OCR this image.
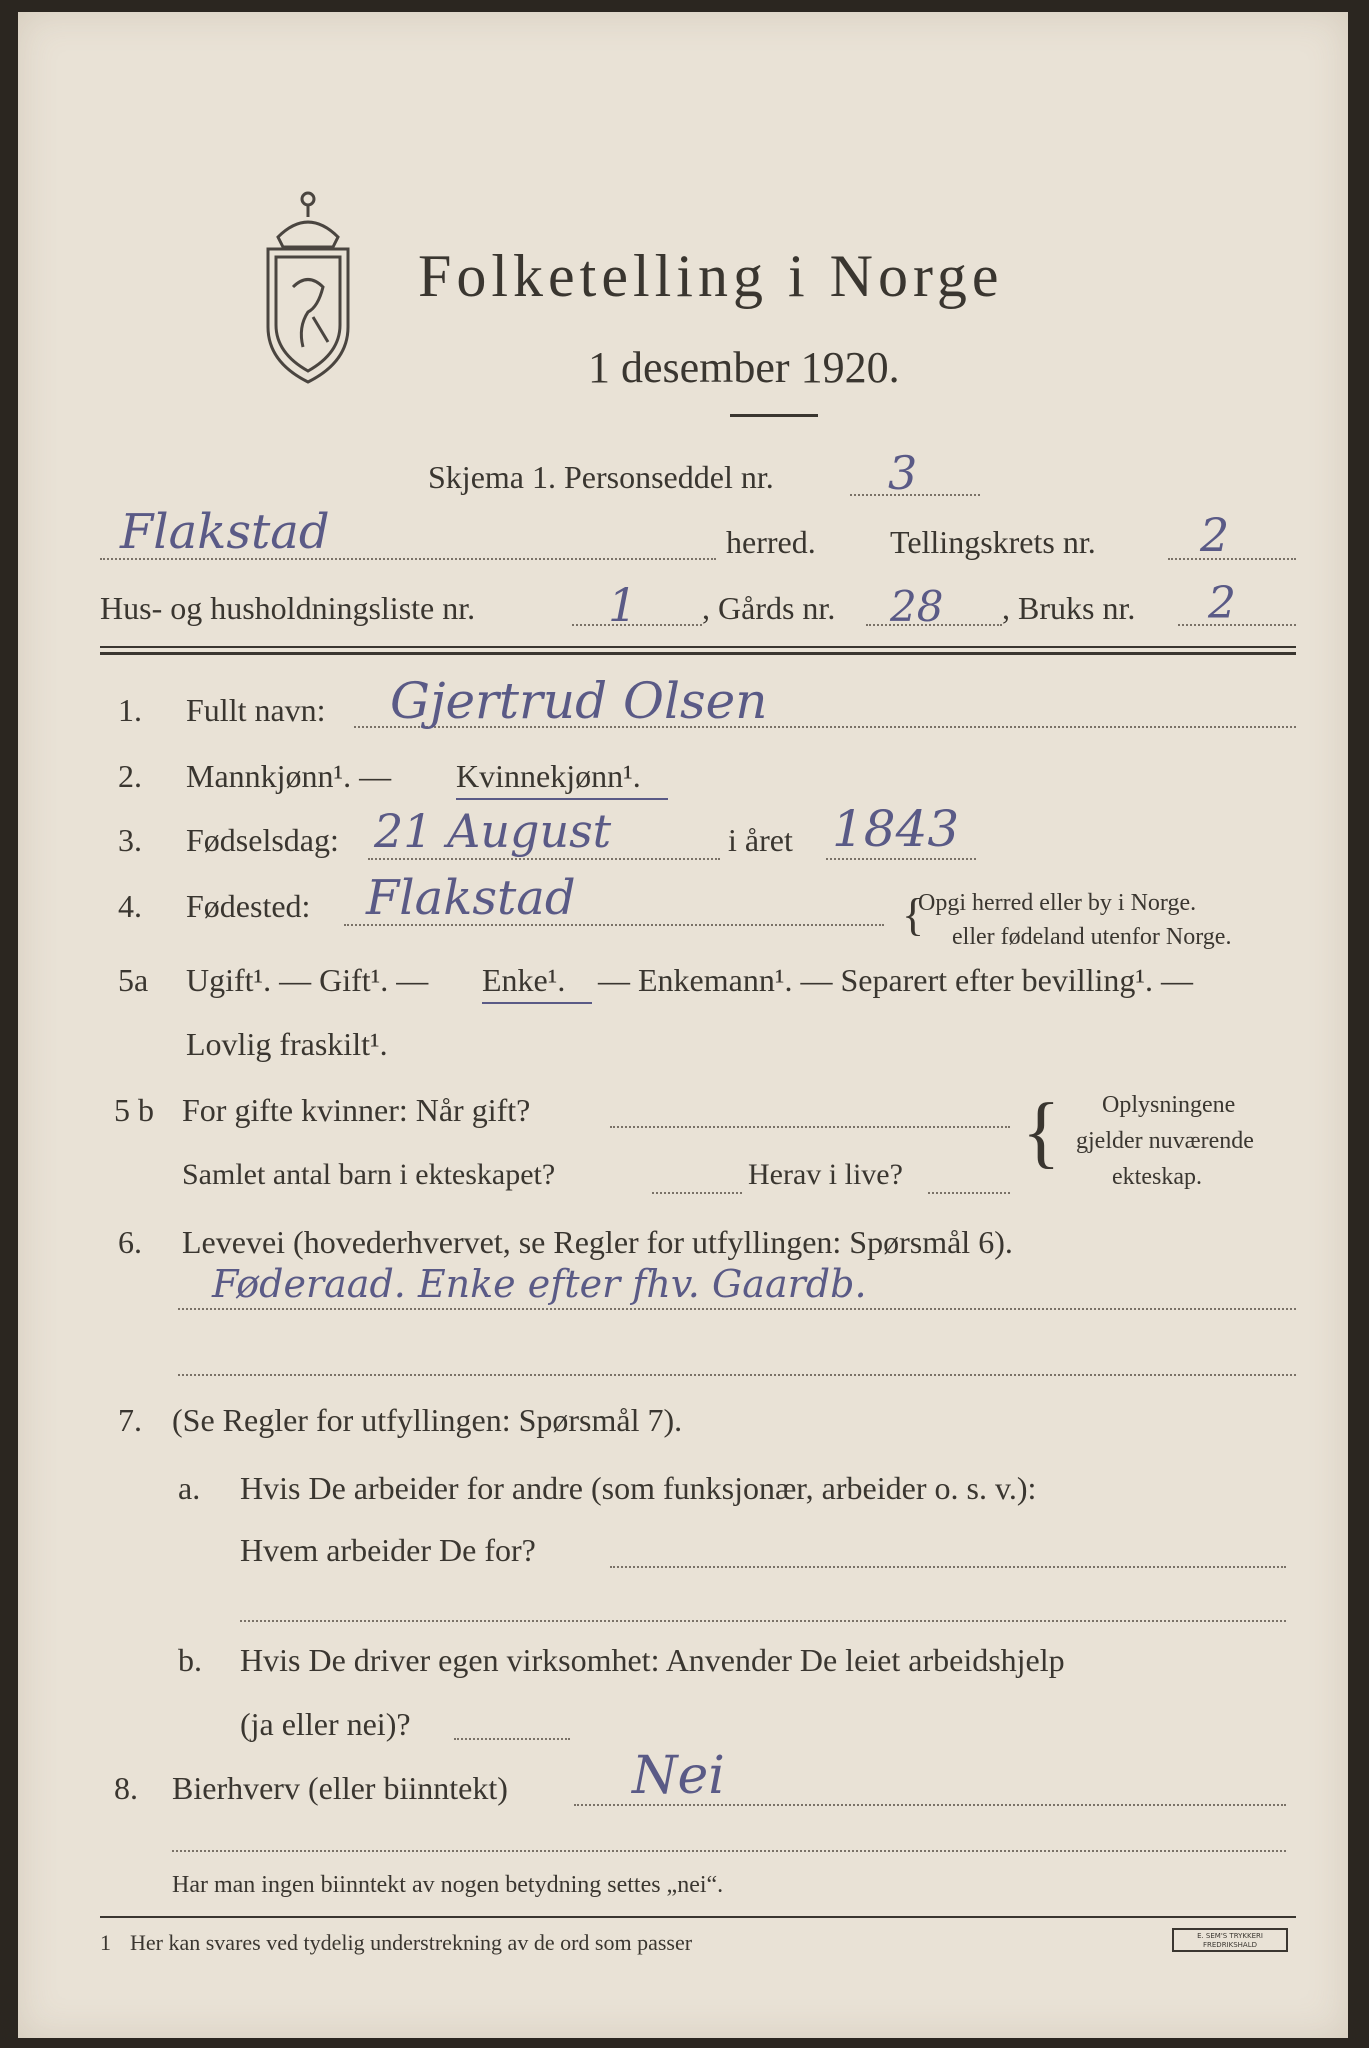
Folketelling i Norge
1 desember 1920.
Skjema 1. Personseddel nr. 3
Flakstad	herred. Tellingskrets nr. 2
Hus- og husholdningsliste nr.	1 , Gårds nr. 28 , Bruks nr. 2
1. Fullt navn: Gjertrud Olsen
2. Mannkjønn¹. — Kvinnekjønn¹.
3. Fødselsdag: 21 August	i året 1843
4. Fødested: Flakstad	{
Opgi herred eller by i Norge.
eller fødeland utenfor Norge.
5a Ugift¹. — Gift¹. — Enke¹. — Enkemann¹. — Separert efter bevilling¹. —
Lovlig fraskilt¹.
5 b For gifte kvinner: Når gift?
Samlet antal barn i ekteskapet?	Herav i live? { Oplysningene
gjelder nuværende
ekteskap.
6. Levevei (hovederhvervet, se Regler for utfyllingen: Spørsmål 6).
Føderaad. Enke efter fhv. Gaardb.
7. (Se Regler for utfyllingen: Spørsmål 7).
a. Hvis De arbeider for andre (som funksjonær, arbeider o. s. v.):
Hvem arbeider De for?
b. Hvis De driver egen virksomhet: Anvender De leiet arbeidshjelp
(ja eller nei)?
8. Bierhverv (eller biinntekt) Nei
Har man ingen biinntekt av nogen betydning settes „nei“.
1 Her kan svares ved tydelig understrekning av de ord som passer	E. SEM'S TRYKKERI FREDRIKSHALD
